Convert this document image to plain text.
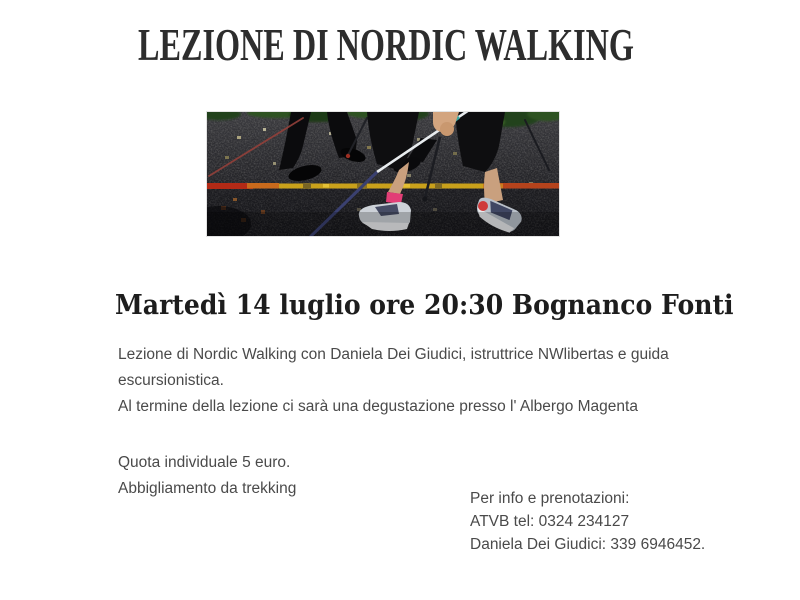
LEZIONE DI NORDIC WALKING
Martedì 14 luglio ore 20:30 Bognanco Fonti
Lezione di Nordic Walking con Daniela Dei Giudici, istruttrice NWlibertas e guida
escursionistica.
Al termine della lezione ci sarà una degustazione presso l' Albergo Magenta
Quota individuale 5 euro.
Abbigliamento da trekking
Per info e prenotazioni:
ATVB tel: 0324 234127
Daniela Dei Giudici: 339 6946452.
